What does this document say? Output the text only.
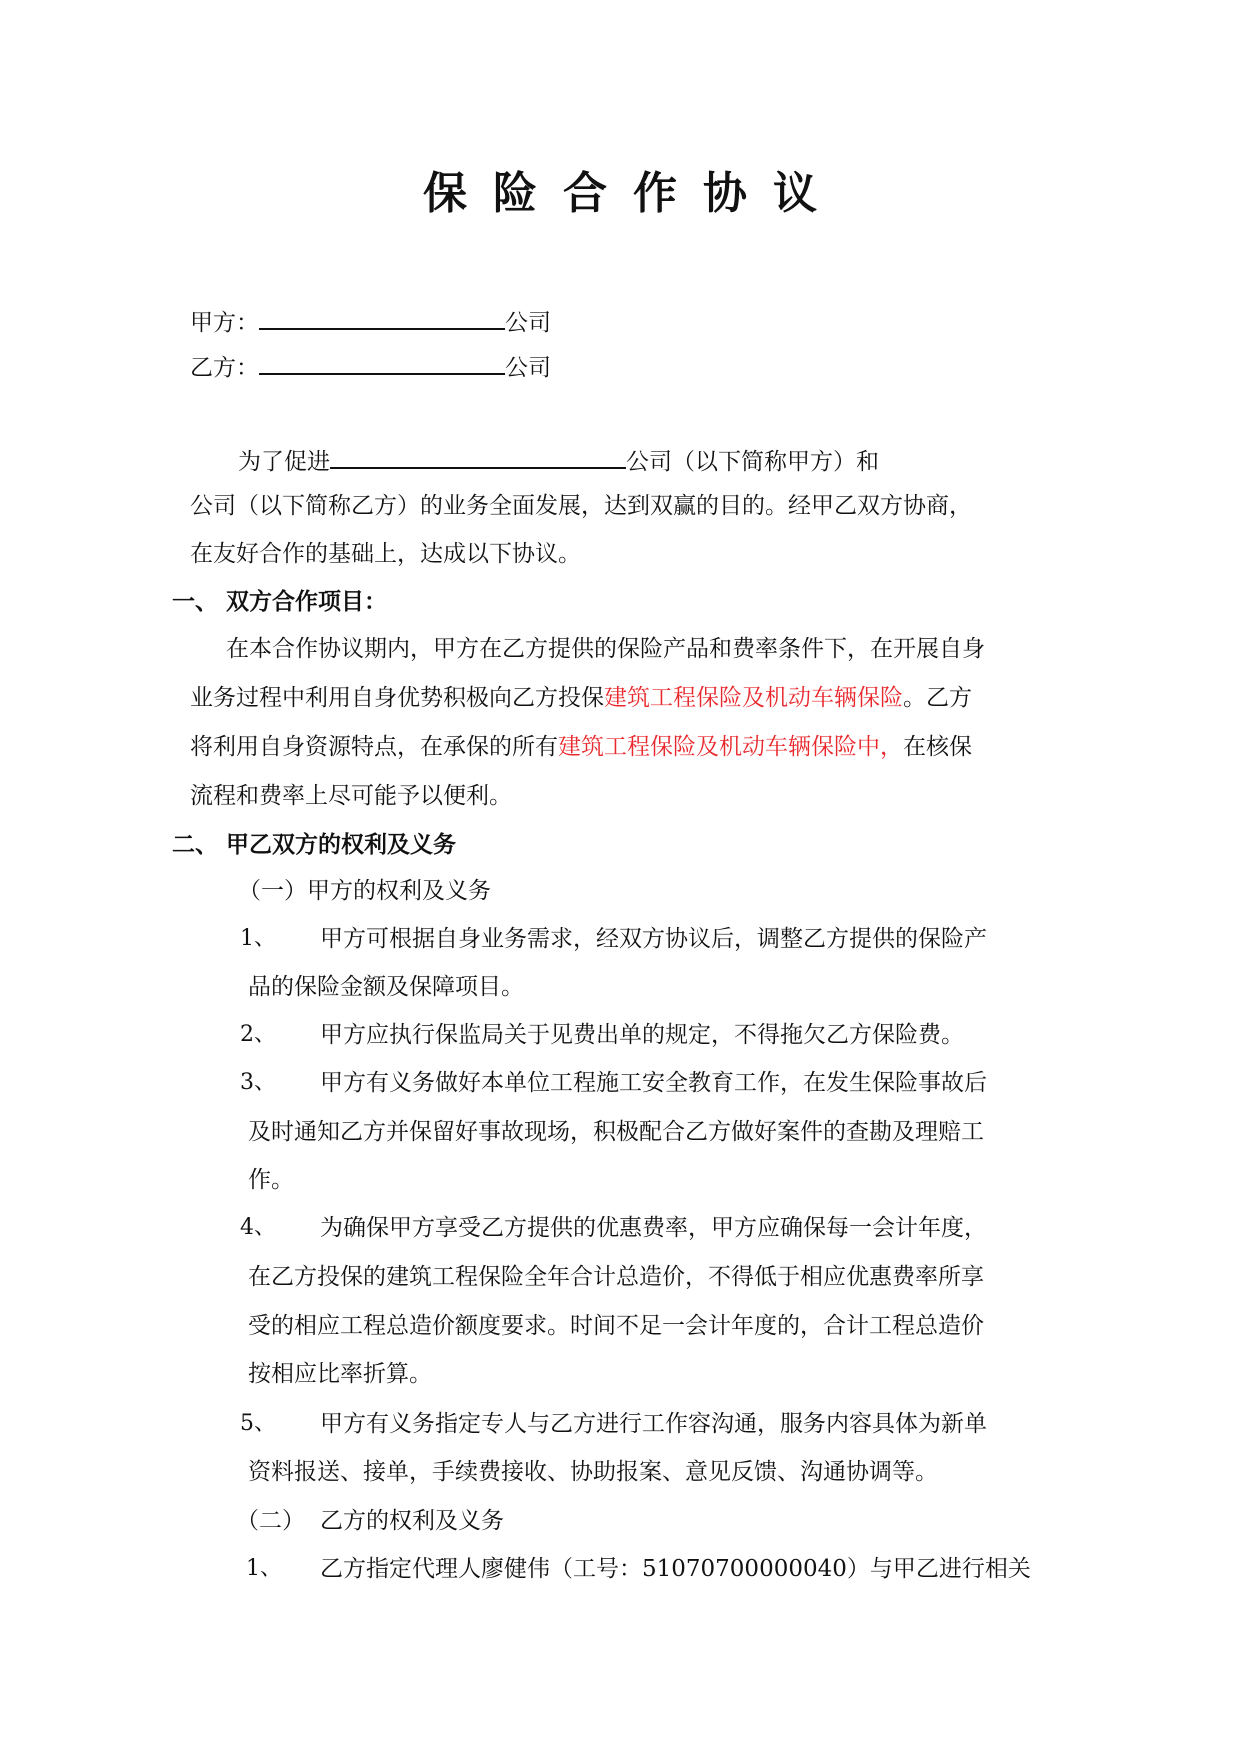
保险合作协议
甲方：	公司
乙方：	公司
为了促进	公司（以下简称甲方）和
公司（以下简称乙方）的业务全面发展，达到双赢的目的。经甲乙双方协商，
在友好合作的基础上，达成以下协议。
一、 双方合作项目：
在本合作协议期内，甲方在乙方提供的保险产品和费率条件下，在开展自身
业务过程中利用自身优势积极向乙方投保建筑工程保险及机动车辆保险。乙方
将利用自身资源特点，在承保的所有建筑工程保险及机动车辆保险中，在核保
流程和费率上尽可能予以便利。
二、 甲乙双方的权利及义务
（一）甲方的权利及义务
1、 甲方可根据自身业务需求，经双方协议后，调整乙方提供的保险产
品的保险金额及保障项目。
2、 甲方应执行保监局关于见费出单的规定，不得拖欠乙方保险费。
3、 甲方有义务做好本单位工程施工安全教育工作，在发生保险事故后
及时通知乙方并保留好事故现场，积极配合乙方做好案件的查勘及理赔工
作。
4、 为确保甲方享受乙方提供的优惠费率，甲方应确保每一会计年度，
在乙方投保的建筑工程保险全年合计总造价，不得低于相应优惠费率所享
受的相应工程总造价额度要求。时间不足一会计年度的，合计工程总造价
按相应比率折算。
5、 甲方有义务指定专人与乙方进行工作容沟通，服务内容具体为新单
资料报送、接单，手续费接收、协助报案、意见反馈、沟通协调等。
（二） 乙方的权利及义务
1、 乙方指定代理人廖健伟（工号：51070700000040）与甲乙进行相关
